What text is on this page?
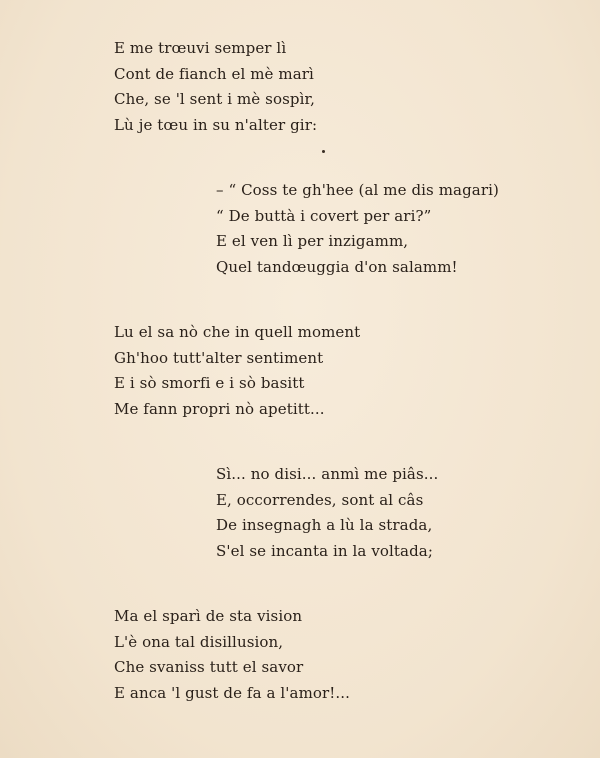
E me trœuvi semper lì
Cont de fianch el mè marì
Che, se 'l sent i mè sospìr,
Lù je tœu in su n'alter gir:
– “ Coss te gh'hee (al me dis magari)
“ De buttà i covert per ari?”
E el ven lì per inzigamm,
Quel tandœuggia d'on salamm!
Lu el sa nò che in quell moment
Gh'hoo tutt'alter sentiment
E i sò smorfi e i sò basitt
Me fann propri nò apetitt...
Sì... no disi... anmì me piâs...
E, occorrendes, sont al câs
De insegnagh a lù la strada,
S'el se incanta in la voltada;
Ma el sparì de sta vision
L'è ona tal disillusion,
Che svaniss tutt el savor
E anca 'l gust de fa a l'amor!...
